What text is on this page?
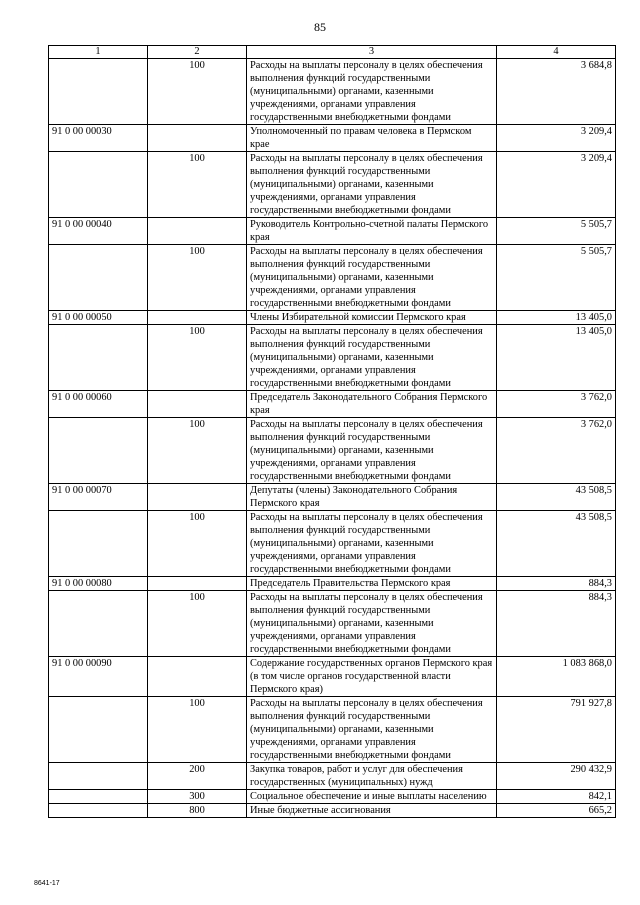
85
1	2	3	4
	100	Расходы на выплаты персоналу в целях обеспечения выполнения функций государственными (муниципальными) органами, казенными учреждениями, органами управления государственными внебюджетными фондами	3 684,8
91 0 00 00030		Уполномоченный по правам человека в Пермском крае	3 209,4
	100	Расходы на выплаты персоналу в целях обеспечения выполнения функций государственными (муниципальными) органами, казенными учреждениями, органами управления государственными внебюджетными фондами	3 209,4
91 0 00 00040		Руководитель Контрольно-счетной палаты Пермского края	5 505,7
	100	Расходы на выплаты персоналу в целях обеспечения выполнения функций государственными (муниципальными) органами, казенными учреждениями, органами управления государственными внебюджетными фондами	5 505,7
91 0 00 00050		Члены Избирательной комиссии Пермского края	13 405,0
	100	Расходы на выплаты персоналу в целях обеспечения выполнения функций государственными (муниципальными) органами, казенными учреждениями, органами управления государственными внебюджетными фондами	13 405,0
91 0 00 00060		Председатель Законодательного Собрания Пермского края	3 762,0
	100	Расходы на выплаты персоналу в целях обеспечения выполнения функций государственными (муниципальными) органами, казенными учреждениями, органами управления государственными внебюджетными фондами	3 762,0
91 0 00 00070		Депутаты (члены) Законодательного Собрания Пермского края	43 508,5
	100	Расходы на выплаты персоналу в целях обеспечения выполнения функций государственными (муниципальными) органами, казенными учреждениями, органами управления государственными внебюджетными фондами	43 508,5
91 0 00 00080		Председатель Правительства Пермского края	884,3
	100	Расходы на выплаты персоналу в целях обеспечения выполнения функций государственными (муниципальными) органами, казенными учреждениями, органами управления государственными внебюджетными фондами	884,3
91 0 00 00090		Содержание государственных органов Пермского края (в том числе органов государственной власти Пермского края)	1 083 868,0
	100	Расходы на выплаты персоналу в целях обеспечения выполнения функций государственными (муниципальными) органами, казенными учреждениями, органами управления государственными внебюджетными фондами	791 927,8
	200	Закупка товаров, работ и услуг для обеспечения государственных (муниципальных) нужд	290 432,9
	300	Социальное обеспечение и иные выплаты населению	842,1
	800	Иные бюджетные ассигнования	665,2
8641-17
